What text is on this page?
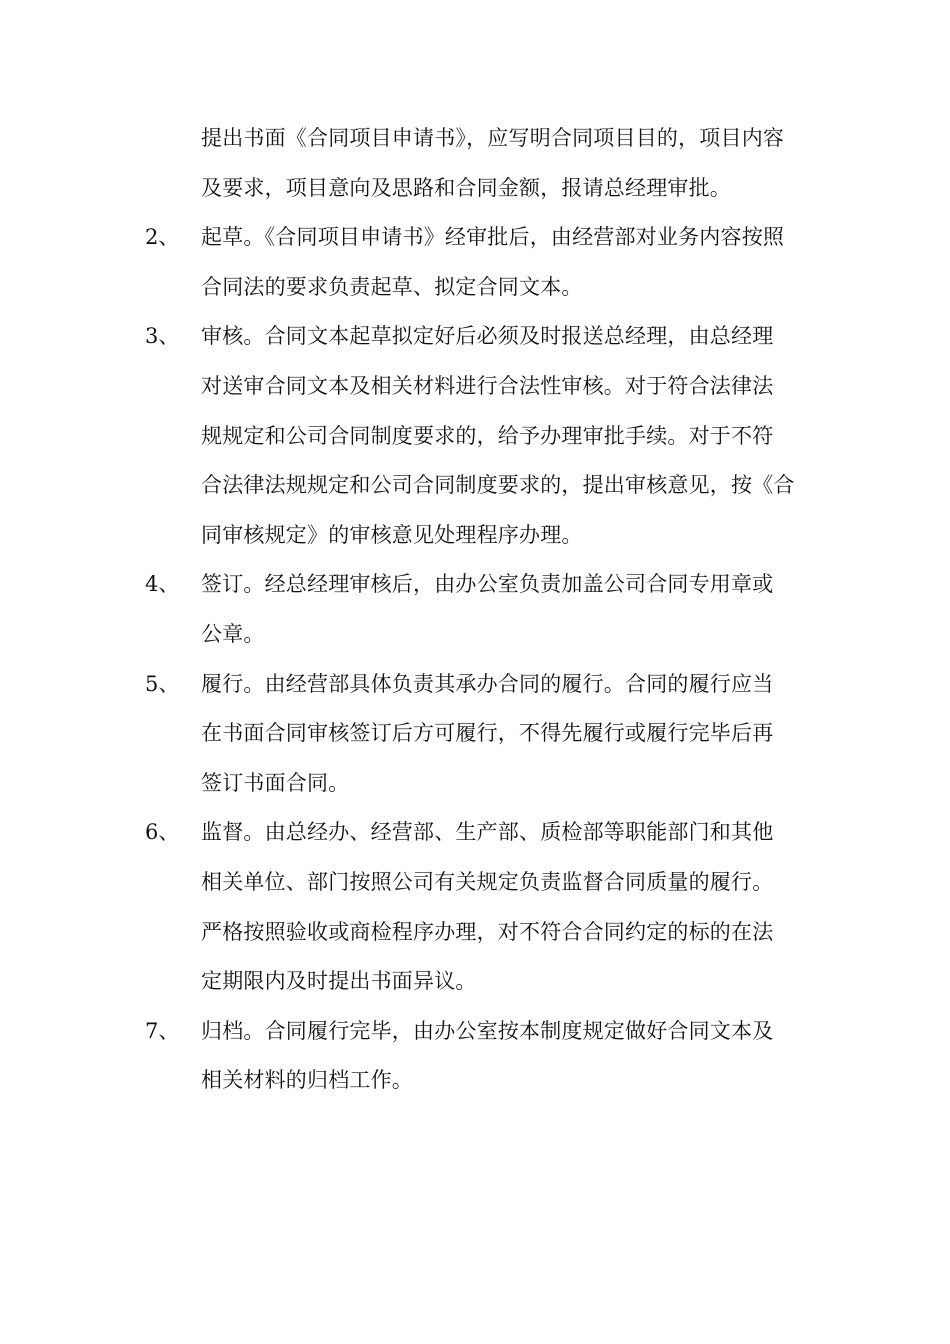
提出书面《合同项目申请书》，应写明合同项目目的，项目内容
及要求，项目意向及思路和合同金额，报请总经理审批。
2、 起草。《合同项目申请书》经审批后，由经营部对业务内容按照
合同法的要求负责起草、拟定合同文本。
3、 审核。合同文本起草拟定好后必须及时报送总经理，由总经理
对送审合同文本及相关材料进行合法性审核。对于符合法律法
规规定和公司合同制度要求的，给予办理审批手续。对于不符
合法律法规规定和公司合同制度要求的，提出审核意见，按《合
同审核规定》的审核意见处理程序办理。
4、 签订。经总经理审核后，由办公室负责加盖公司合同专用章或
公章。
5、 履行。由经营部具体负责其承办合同的履行。合同的履行应当
在书面合同审核签订后方可履行，不得先履行或履行完毕后再
签订书面合同。
6、 监督。由总经办、经营部、生产部、质检部等职能部门和其他
相关单位、部门按照公司有关规定负责监督合同质量的履行。
严格按照验收或商检程序办理，对不符合合同约定的标的在法
定期限内及时提出书面异议。
7、 归档。合同履行完毕，由办公室按本制度规定做好合同文本及
相关材料的归档工作。
